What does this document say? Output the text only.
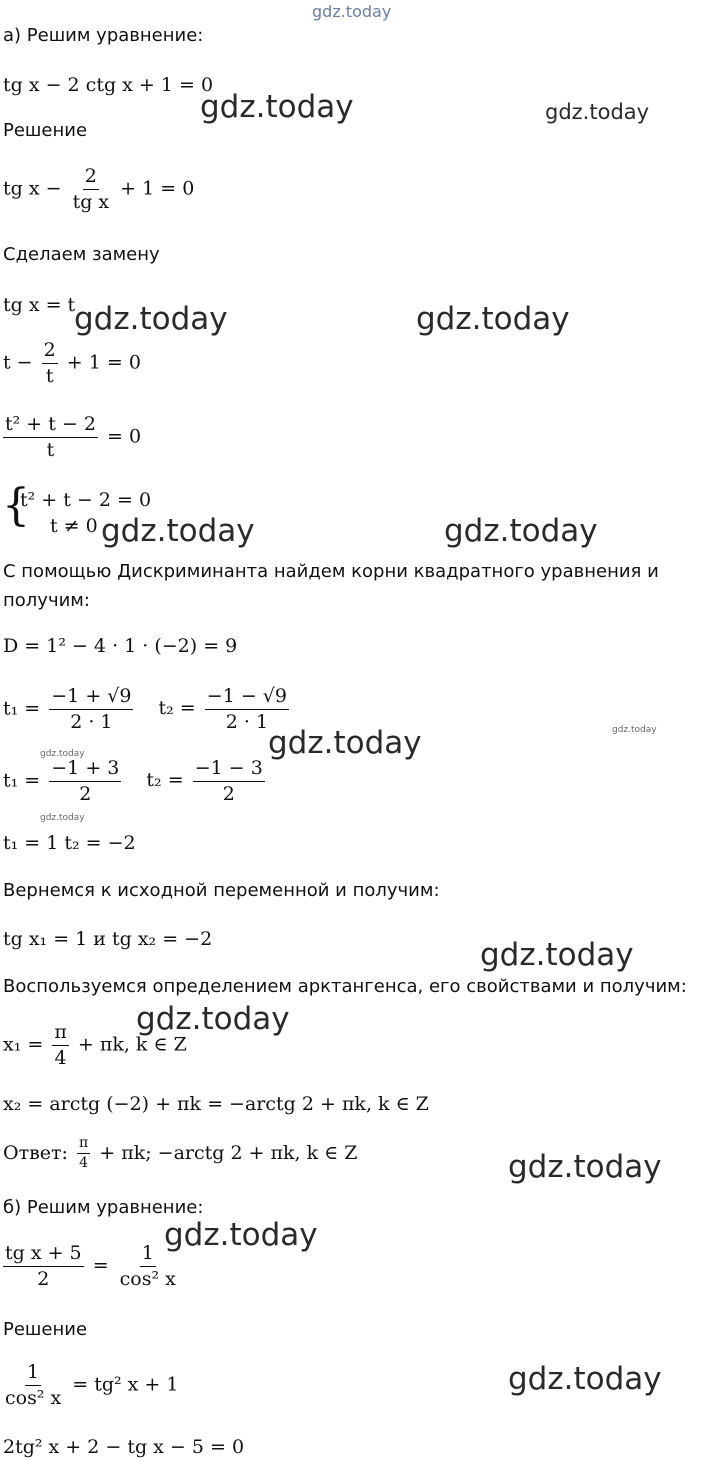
gdz.today
gdz.today	gdz.today
gdz.today	gdz.today
gdz.today	gdz.today
gdz.today	gdz.today
gdz.today
gdz.today
gdz.today
gdz.today
gdz.today
gdz.today
gdz.today
а) Решим уравнение:
tg x − 2 ctg x + 1 = 0
Решение
tg $x - \frac{2}{\text{tg x}} + 1 = 0$
Сделаем замену
tg x = t
$t - \frac{2}{t} + 1 = 0$
$\frac{\text{t² + t − 2}}{t} = 0$
{
t² + t − 2 = 0
t ≠ 0
С помощью Дискриминанта найдем корни квадратного уравнения и
получим:
D = 1² − 4 · 1 · (−2) = 9
$t_1 = \frac{-1 + √9}{2 \cdot 1} t_2 = \frac{-1 - √9}{2 \cdot 1}$
$t_1 = \frac{-1 + 3}{2} t_2 = \frac{-1 - 3}{2}$
t₁ = 1 t₂ = −2
Вернемся к исходной переменной и получим:
tg x₁ = 1 и tg x₂ = −2
Воспользуемся определением арктангенса, его свойствами и получим:
$x_1 = \frac{\pi}{4} + \pi k$, k ∈ Z
x₂ = arctg (−2) + πk = −arctg 2 + πk, k ∈ Z
Ответ: $\frac{\pi}{4} + \pi k$; −arctg 2 + πk, k ∈ Z
б) Решим уравнение:
$\frac{\text{tg x + 5}}{2} = \frac{1}{\text{cos² x}}$
Решение
$\frac{1}{\text{cos² x}} = tg^2$ x + 1
2tg² x + 2 − tg x − 5 = 0
